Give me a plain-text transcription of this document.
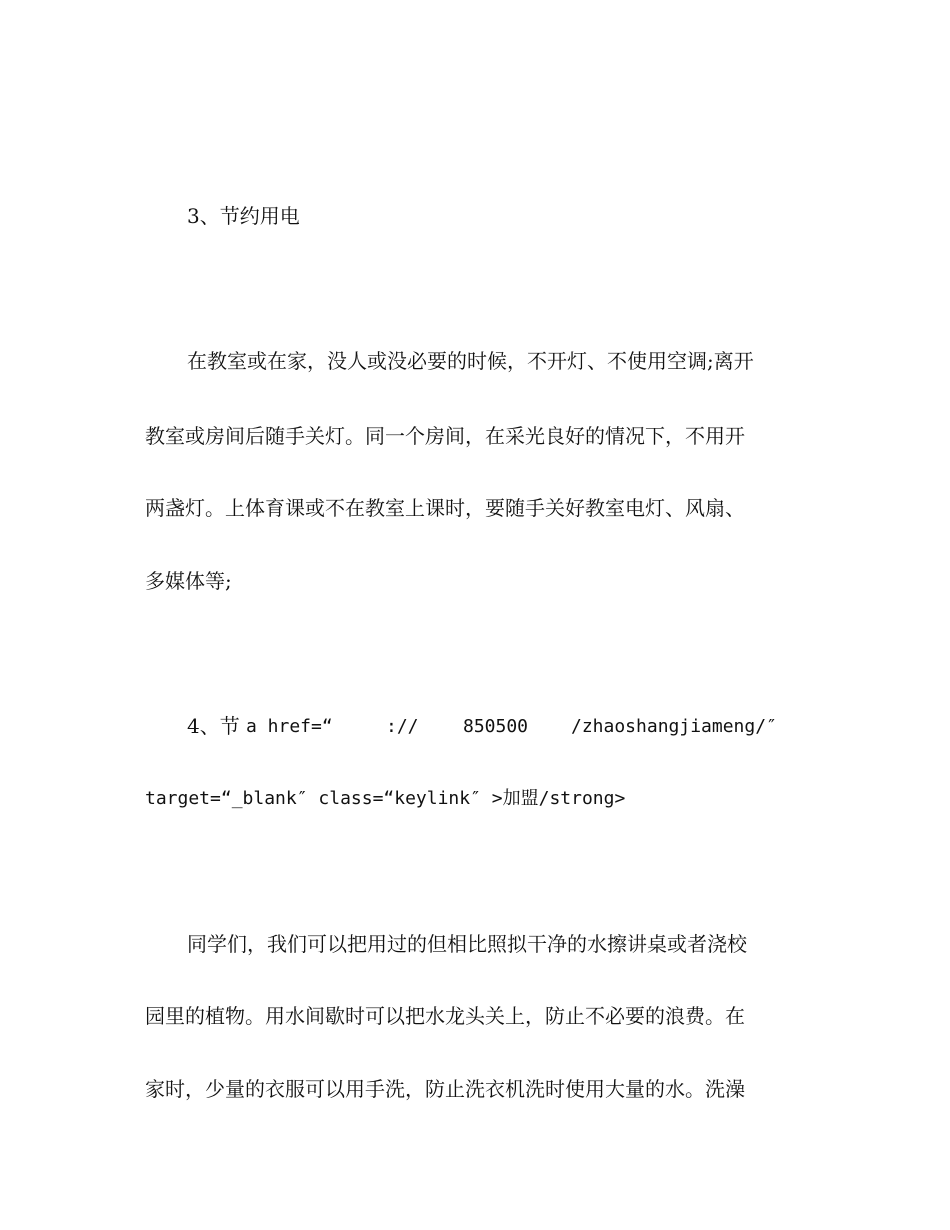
3、节约用电
在教室或在家，没人或没必要的时候，不开灯、不使用空调;离开
教室或房间后随手关灯。同一个房间，在采光良好的情况下，不用开
两盏灯。上体育课或不在教室上课时，要随手关好教室电灯、风扇、
多媒体等;
4、节 a href=“	:// 850500 /zhaoshangjiameng/″
target=“_blank″ class=“keylink″ >加盟/strong>
同学们，我们可以把用过的但相比照拟干净的水擦讲桌或者浇校
园里的植物。用水间歇时可以把水龙头关上，防止不必要的浪费。在
家时，少量的衣服可以用手洗，防止洗衣机洗时使用大量的水。洗澡
